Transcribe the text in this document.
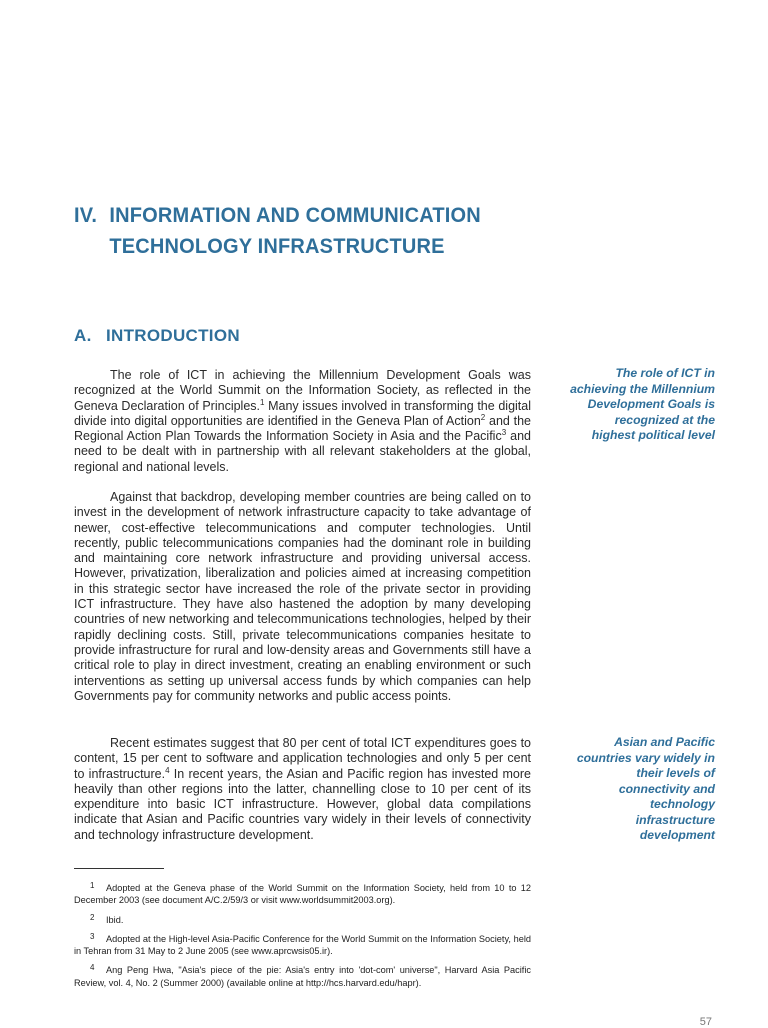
IV. INFORMATION AND COMMUNICATION
TECHNOLOGY INFRASTRUCTURE
A. INTRODUCTION

The role of ICT in achieving the Millennium Development Goals was recognized at the World Summit on the Information Society, as reflected in the Geneva Declaration of Principles.$^1$ Many issues involved in transforming the digital divide into digital opportunities are identified in the Geneva Plan of Action$^2$ and the Regional Action Plan Towards the Information Society in Asia and the Pacific$^3$ and need to be dealt with in partnership with all relevant stakeholders at the global, regional and national levels.

Against that backdrop, developing member countries are being called on to invest in the development of network infrastructure capacity to take advantage of newer, cost-effective telecommunications and computer technologies. Until recently, public telecommunications companies had the dominant role in building and maintaining core network infrastructure and providing universal access. However, privatization, liberalization and policies aimed at increasing competition in this strategic sector have increased the role of the private sector in providing ICT infrastructure. They have also hastened the adoption by many developing countries of new networking and telecommunications technologies, helped by their rapidly declining costs. Still, private telecommunications companies hesitate to provide infrastructure for rural and low-density areas and Governments still have a critical role to play in direct investment, creating an enabling environment or such interventions as setting up universal access funds by which companies can help Governments pay for community networks and public access points.

Recent estimates suggest that 80 per cent of total ICT expenditures goes to content, 15 per cent to software and application technologies and only 5 per cent to infrastructure.$^4$ In recent years, the Asian and Pacific region has invested more heavily than other regions into the latter, channelling close to 10 per cent of its expenditure into basic ICT infrastructure. However, global data compilations indicate that Asian and Pacific countries vary widely in their levels of connectivity and technology infrastructure development.

The role of ICT in achieving the Millennium Development Goals is recognized at the highest political level

Asian and Pacific countries vary widely in their levels of connectivity and technology infrastructure development

1 Adopted at the Geneva phase of the World Summit on the Information Society, held from 10 to 12 December 2003 (see document A/C.2/59/3 or visit www.worldsummit2003.org).

2 Ibid.

3 Adopted at the High-level Asia-Pacific Conference for the World Summit on the Information Society, held in Tehran from 31 May to 2 June 2005 (see www.aprcwsis05.ir).

4 Ang Peng Hwa, "Asia's piece of the pie: Asia's entry into 'dot-com' universe", Harvard Asia Pacific Review, vol. 4, No. 2 (Summer 2000) (available online at http://hcs.harvard.edu/hapr).

57
